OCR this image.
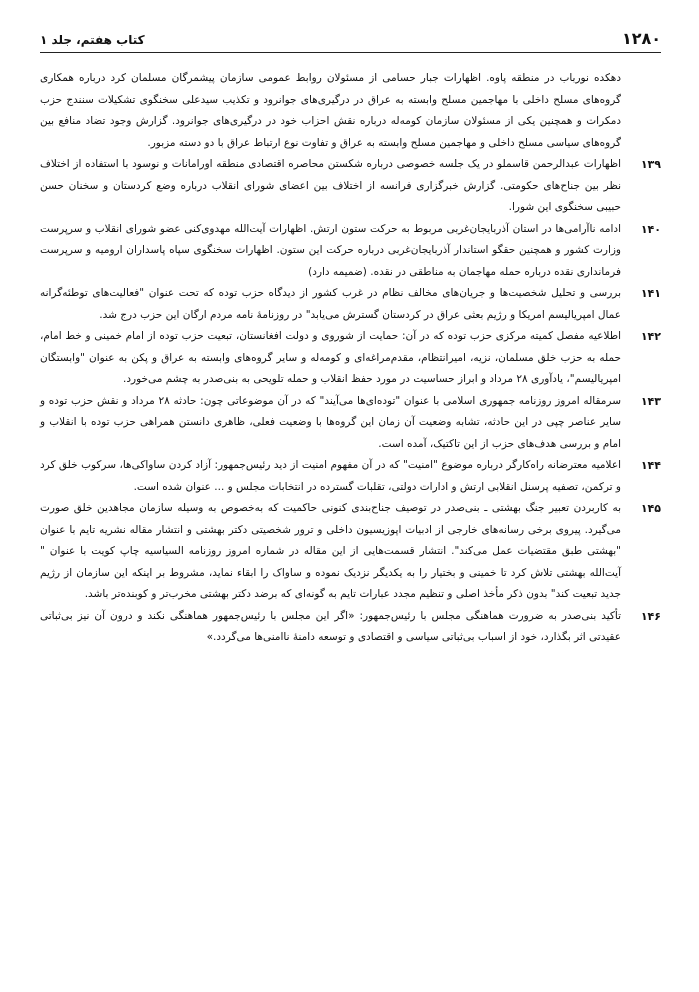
۱۲۸۰
کتاب هفتم، جلد ۱
دهکده نورباب در منطقه پاوه. اظهارات جبار حسامی از مسئولان روابط عمومی سازمان پیشمرگان مسلمان کرد درباره همکاری گروه‌های مسلح داخلی با مهاجمین مسلح وابسته به عراق در درگیری‌های جوانرود و تکذیب سیدعلی سخنگوی تشکیلات سنندج حزب دمکرات و همچنین یکی از مسئولان سازمان کومه‌له درباره نقش احزاب خود در درگیری‌های جوانرود. گزارش وجود تضاد منافع بین گروه‌های سیاسی مسلح داخلی و مهاجمین مسلح وابسته به عراق و تفاوت نوع ارتباط عراق با دو دسته مزبور.
۱۳۹
اظهارات عبدالرحمن قاسملو در یک جلسه خصوصی درباره شکستن محاصره اقتصادی منطقه اورامانات و نوسود با استفاده از اختلاف نظر بین جناح‌های حکومتی. گزارش خبرگزاری فرانسه از اختلاف بین اعضای شورای انقلاب درباره وضع کردستان و سخنان حسن حبیبی سخنگوی این شورا.
۱۴۰
ادامه ناآرامی‌ها در استان آذربایجان‌غربی مربوط به حرکت ستون ارتش. اظهارات آیت‌الله مهدوی‌کنی عضو شورای انقلاب و سرپرست وزارت کشور و همچنین حقگو استاندار آذربایجان‌غربی درباره حرکت این ستون. اظهارات سخنگوی سپاه پاسداران ارومیه و سرپرست فرمانداری نقده درباره حمله مهاجمان به مناطقی در نقده. (ضمیمه دارد)
۱۴۱
بررسی و تحلیل شخصیت‌ها و جریان‌های مخالف نظام در غرب کشور از دیدگاه حزب توده که تحت عنوان "فعالیت‌های توطئه‌گرانه عمال امپریالیسم امریکا و رژیم بعثی عراق در کردستان گسترش می‌یابد" در روزنامهٔ نامه مردم ارگان این حزب درج شد.
۱۴۲
اطلاعیه مفصل کمیته مرکزی حزب توده که در آن: حمایت از شوروی و دولت افغانستان، تبعیت حزب توده از امام خمینی و خط امام، حمله به حزب خلق مسلمان، نزیه، امیرانتظام، مقدم‌مراغه‌ای و کومه‌له و سایر گروه‌های وابسته به عراق و پکن به عنوان "وابستگان امپریالیسم"، یادآوری ۲۸ مرداد و ابراز حساسیت در مورد حفظ انقلاب و حمله تلویحی به بنی‌صدر به چشم می‌خورد.
۱۴۳
سرمقاله امروز روزنامه جمهوری اسلامی با عنوان "توده‌ای‌ها می‌آیند" که در آن موضوعاتی چون: حادثه ۲۸ مرداد و نقش حزب توده و سایر عناصر چپی در این حادثه، تشابه وضعیت آن زمان این گروه‌ها با وضعیت فعلی، ظاهری دانستن همراهی حزب توده با انقلاب و امام و بررسی هدف‌های حزب از این تاکتیک، آمده است.
۱۴۴
اعلامیه معترضانه راه‌کارگر درباره موضوع "امنیت" که در آن مفهوم امنیت از دید رئیس‌جمهور: آزاد کردن ساواکی‌ها، سرکوب خلق کرد و ترکمن، تصفیه پرسنل انقلابی ارتش و ادارات دولتی، تقلبات گسترده در انتخابات مجلس و ... عنوان شده است.
۱۴۵
به کاربردن تعبیر جنگ بهشتی ـ بنی‌صدر در توصیف جناح‌بندی کنونی حاکمیت که به‌خصوص به وسیله سازمان مجاهدین خلق صورت می‌گیرد. پیروی برخی رسانه‌های خارجی از ادبیات اپوزیسیون داخلی و ترور شخصیتی دکتر بهشتی و انتشار مقاله نشریه تایم با عنوان "بهشتی طبق مقتضیات عمل می‌کند". انتشار قسمت‌هایی از این مقاله در شماره امروز روزنامه السیاسیه چاپ کویت با عنوان " آیت‌الله بهشتی تلاش کرد تا خمینی و بختیار را به یکدیگر نزدیک نموده و ساواک را ابقاء نماید، مشروط بر اینکه این سازمان از رژیم جدید تبعیت کند" بدون ذکر مأخذ اصلی و تنظیم مجدد عبارات تایم به گونه‌ای که برضد دکتر بهشتی مخرب‌تر و کوبنده‌تر باشد.
۱۴۶
تأکید بنی‌صدر به ضرورت هماهنگی مجلس با رئیس‌جمهور: «اگر این مجلس با رئیس‌جمهور هماهنگی نکند و درون آن نیز بی‌ثباتی عقیدتی اثر بگذارد، خود از اسباب بی‌ثباتی سیاسی و اقتصادی و توسعه دامنهٔ ناامنی‌ها می‌گردد.»
